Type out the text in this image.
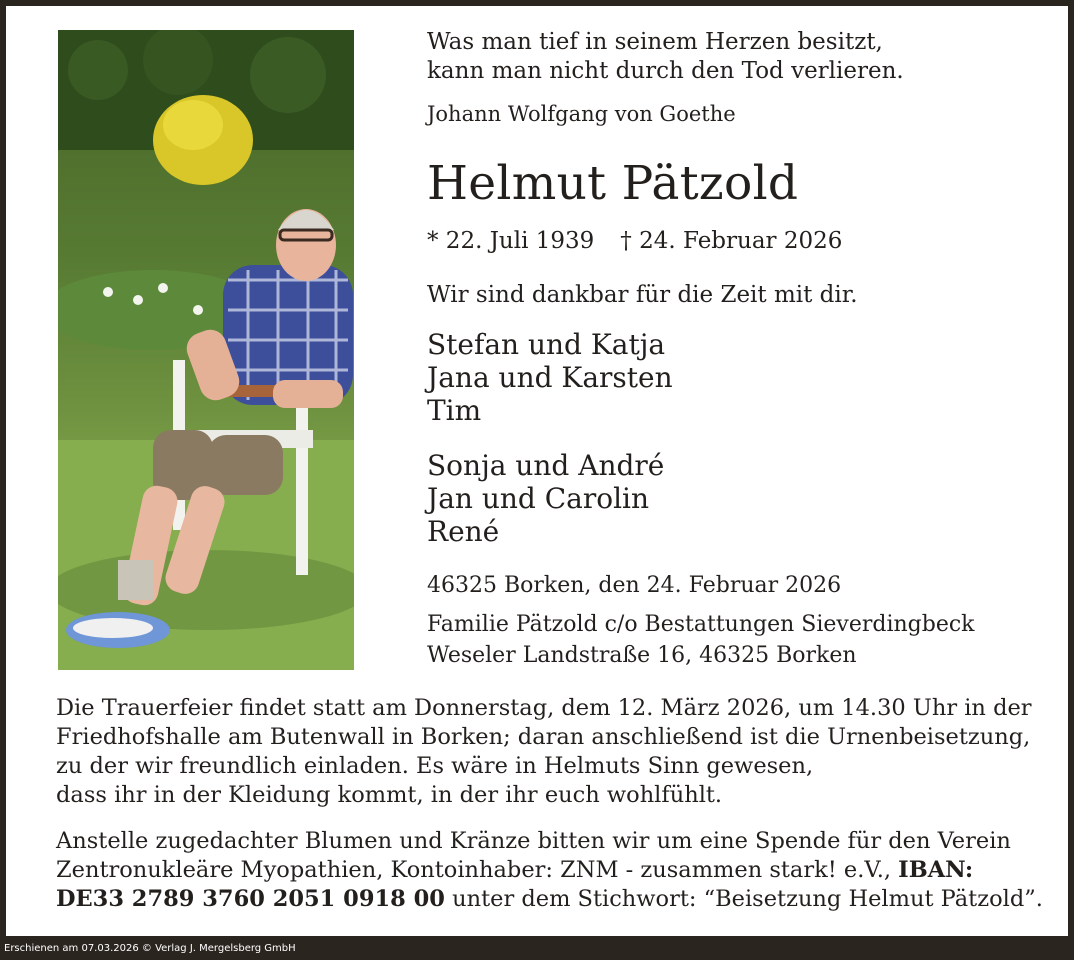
Was man tief in seinem Herzen besitzt,
kann man nicht durch den Tod verlieren.
Johann Wolfgang von Goethe
Helmut Pätzold
* 22. Juli 1939 † 24. Februar 2026
Wir sind dankbar für die Zeit mit dir.
Stefan und Katja
Jana und Karsten
Tim
Sonja und André
Jan und Carolin
René
46325 Borken, den 24. Februar 2026
Familie Pätzold c/o Bestattungen Sieverdingbeck
Weseler Landstraße 16, 46325 Borken
Die Trauerfeier findet statt am Donnerstag, dem 12. März 2026, um 14.30 Uhr in der
Friedhofshalle am Butenwall in Borken; daran anschließend ist die Urnenbeisetzung,
zu der wir freundlich einladen. Es wäre in Helmuts Sinn gewesen,
dass ihr in der Kleidung kommt, in der ihr euch wohlfühlt.
Anstelle zugedachter Blumen und Kränze bitten wir um eine Spende für den Verein
Zentronukleäre Myopathien, Kontoinhaber: ZNM - zusammen stark! e.V., IBAN:
DE33 2789 3760 2051 0918 00 unter dem Stichwort: “Beisetzung Helmut Pätzold”.
Erschienen am 07.03.2026 © Verlag J. Mergelsberg GmbH
